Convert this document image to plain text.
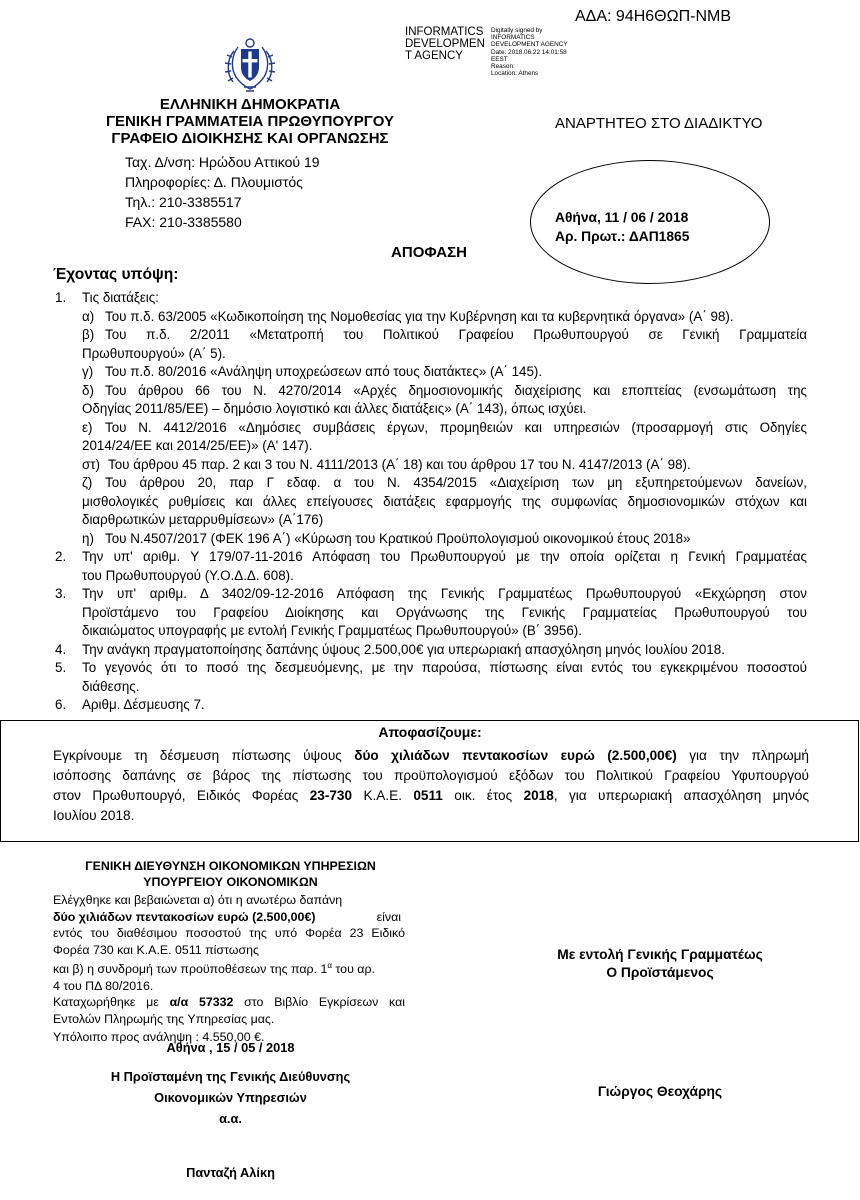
ΑΔΑ: 94Η6ΘΩΠ-ΝΜΒ
INFORMATICS
DEVELOPMEN
T AGENCY
Digitally signed by
INFORMATICS
DEVELOPMENT AGENCY
Date: 2018.06.22 14:01:58
EEST
Reason:
Location: Athens
ΕΛΛΗΝΙΚΗ ΔΗΜΟΚΡΑΤΙΑ
ΓΕΝΙΚΗ ΓΡΑΜΜΑΤΕΙΑ ΠΡΩΘΥΠΟΥΡΓΟΥ
ΓΡΑΦΕΙΟ ΔΙΟΙΚΗΣΗΣ ΚΑΙ ΟΡΓΑΝΩΣΗΣ
Ταχ. Δ/νση: Ηρώδου Αττικού 19
Πληροφορίες: Δ. Πλουμιστός
Τηλ.: 210-3385517
FAX: 210-3385580
ΑΝΑΡΤΗΤΕΟ ΣΤΟ ΔΙΑΔΙΚΤΥΟ
Αθήνα, 11 / 06 / 2018
Αρ. Πρωτ.: ΔΑΠ1865
ΑΠΟΦΑΣΗ
Έχοντας υπόψη:
1. Τις διατάξεις:
α) Του π.δ. 63/2005 «Κωδικοποίηση της Νομοθεσίας για την Κυβέρνηση και τα κυβερνητικά όργανα» (Α΄ 98).
β) Του π.δ. 2/2011 «Μετατροπή του Πολιτικού Γραφείου Πρωθυπουργού σε Γενική Γραμματεία
Πρωθυπουργού» (Α΄ 5).
γ) Του π.δ. 80/2016 «Ανάληψη υποχρεώσεων από τους διατάκτες» (Α΄ 145).
δ) Του άρθρου 66 του Ν. 4270/2014 «Αρχές δημοσιονομικής διαχείρισης και εποπτείας (ενσωμάτωση της
Οδηγίας 2011/85/ΕΕ) – δημόσιο λογιστικό και άλλες διατάξεις» (Α΄ 143), όπως ισχύει.
ε) Του Ν. 4412/2016 «Δημόσιες συμβάσεις έργων, προμηθειών και υπηρεσιών (προσαρμογή στις Οδηγίες
2014/24/ΕΕ και 2014/25/ΕΕ)» (Α' 147).
στ) Του άρθρου 45 παρ. 2 και 3 του Ν. 4111/2013 (Α΄ 18) και του άρθρου 17 του Ν. 4147/2013 (Α΄ 98).
ζ) Του άρθρου 20, παρ Γ εδαφ. α του Ν. 4354/2015 «Διαχείριση των μη εξυπηρετούμενων δανείων,
μισθολογικές ρυθμίσεις και άλλες επείγουσες διατάξεις εφαρμογής της συμφωνίας δημοσιονομικών στόχων και
διαρθρωτικών μεταρρυθμίσεων» (Α΄176)
η) Του Ν.4507/2017 (ΦΕΚ 196 Α΄) «Κύρωση του Κρατικού Προϋπολογισμού οικονομικού έτους 2018»
2. Την υπ' αριθμ. Υ 179/07-11-2016 Απόφαση του Πρωθυπουργού με την οποία ορίζεται η Γενική Γραμματέας
του Πρωθυπουργού (Υ.Ο.Δ.Δ. 608).
3. Την υπ' αριθμ. Δ 3402/09-12-2016 Απόφαση της Γενικής Γραμματέως Πρωθυπουργού «Εκχώρηση στον
Προϊστάμενο του Γραφείου Διοίκησης και Οργάνωσης της Γενικής Γραμματείας Πρωθυπουργού του
δικαιώματος υπογραφής με εντολή Γενικής Γραμματέως Πρωθυπουργού» (Β΄ 3956).
4. Την ανάγκη πραγματοποίησης δαπάνης ύψους 2.500,00€ για υπερωριακή απασχόληση μηνός Ιουλίου 2018.
5. Το γεγονός ότι το ποσό της δεσμευόμενης, με την παρούσα, πίστωσης είναι εντός του εγκεκριμένου ποσοστού
διάθεσης.
6. Αριθμ. Δέσμευσης 7.
Αποφασίζουμε:
Εγκρίνουμε τη δέσμευση πίστωσης ύψους δύο χιλιάδων πεντακοσίων ευρώ (2.500,00€) για την πληρωμή
ισόποσης δαπάνης σε βάρος της πίστωσης του προϋπολογισμού εξόδων του Πολιτικού Γραφείου Υφυπουργού
στον Πρωθυπουργό, Ειδικός Φορέας 23-730 Κ.Α.Ε. 0511 οικ. έτος 2018, για υπερωριακή απασχόληση μηνός
Ιουλίου 2018.
ΓΕΝΙΚΗ ΔΙΕΥΘΥΝΣΗ ΟΙΚΟΝΟΜΙΚΩΝ ΥΠΗΡΕΣΙΩΝ
ΥΠΟΥΡΓΕΙΟΥ ΟΙΚΟΝΟΜΙΚΩΝ
Ελέγχθηκε και βεβαιώνεται α) ότι η ανωτέρω δαπάνη
δύο χιλιάδων πεντακοσίων ευρώ (2.500,00€)	είναι
εντός του διαθέσιμου ποσοστού της υπό Φορέα 23 Ειδικό
Φορέα 730 και Κ.Α.Ε. 0511 πίστωσης
και β) η συνδρομή των προϋποθέσεων της παρ. $1^\alpha$ του αρ.
4 του ΠΔ 80/2016.
Καταχωρήθηκε με α/α 57332 στο Βιβλίο Εγκρίσεων και
Εντολών Πληρωμής της Υπηρεσίας μας.
Υπόλοιπο προς ανάληψη : 4.550,00 €.
Αθήνα , 15 / 05 / 2018
Η Προϊσταμένη της Γενικής Διεύθυνσης
Οικονομικών Υπηρεσιών
α.α.
Πανταζή Αλίκη
Με εντολή Γενικής Γραμματέως
Ο Προϊστάμενος
Γιώργος Θεοχάρης
